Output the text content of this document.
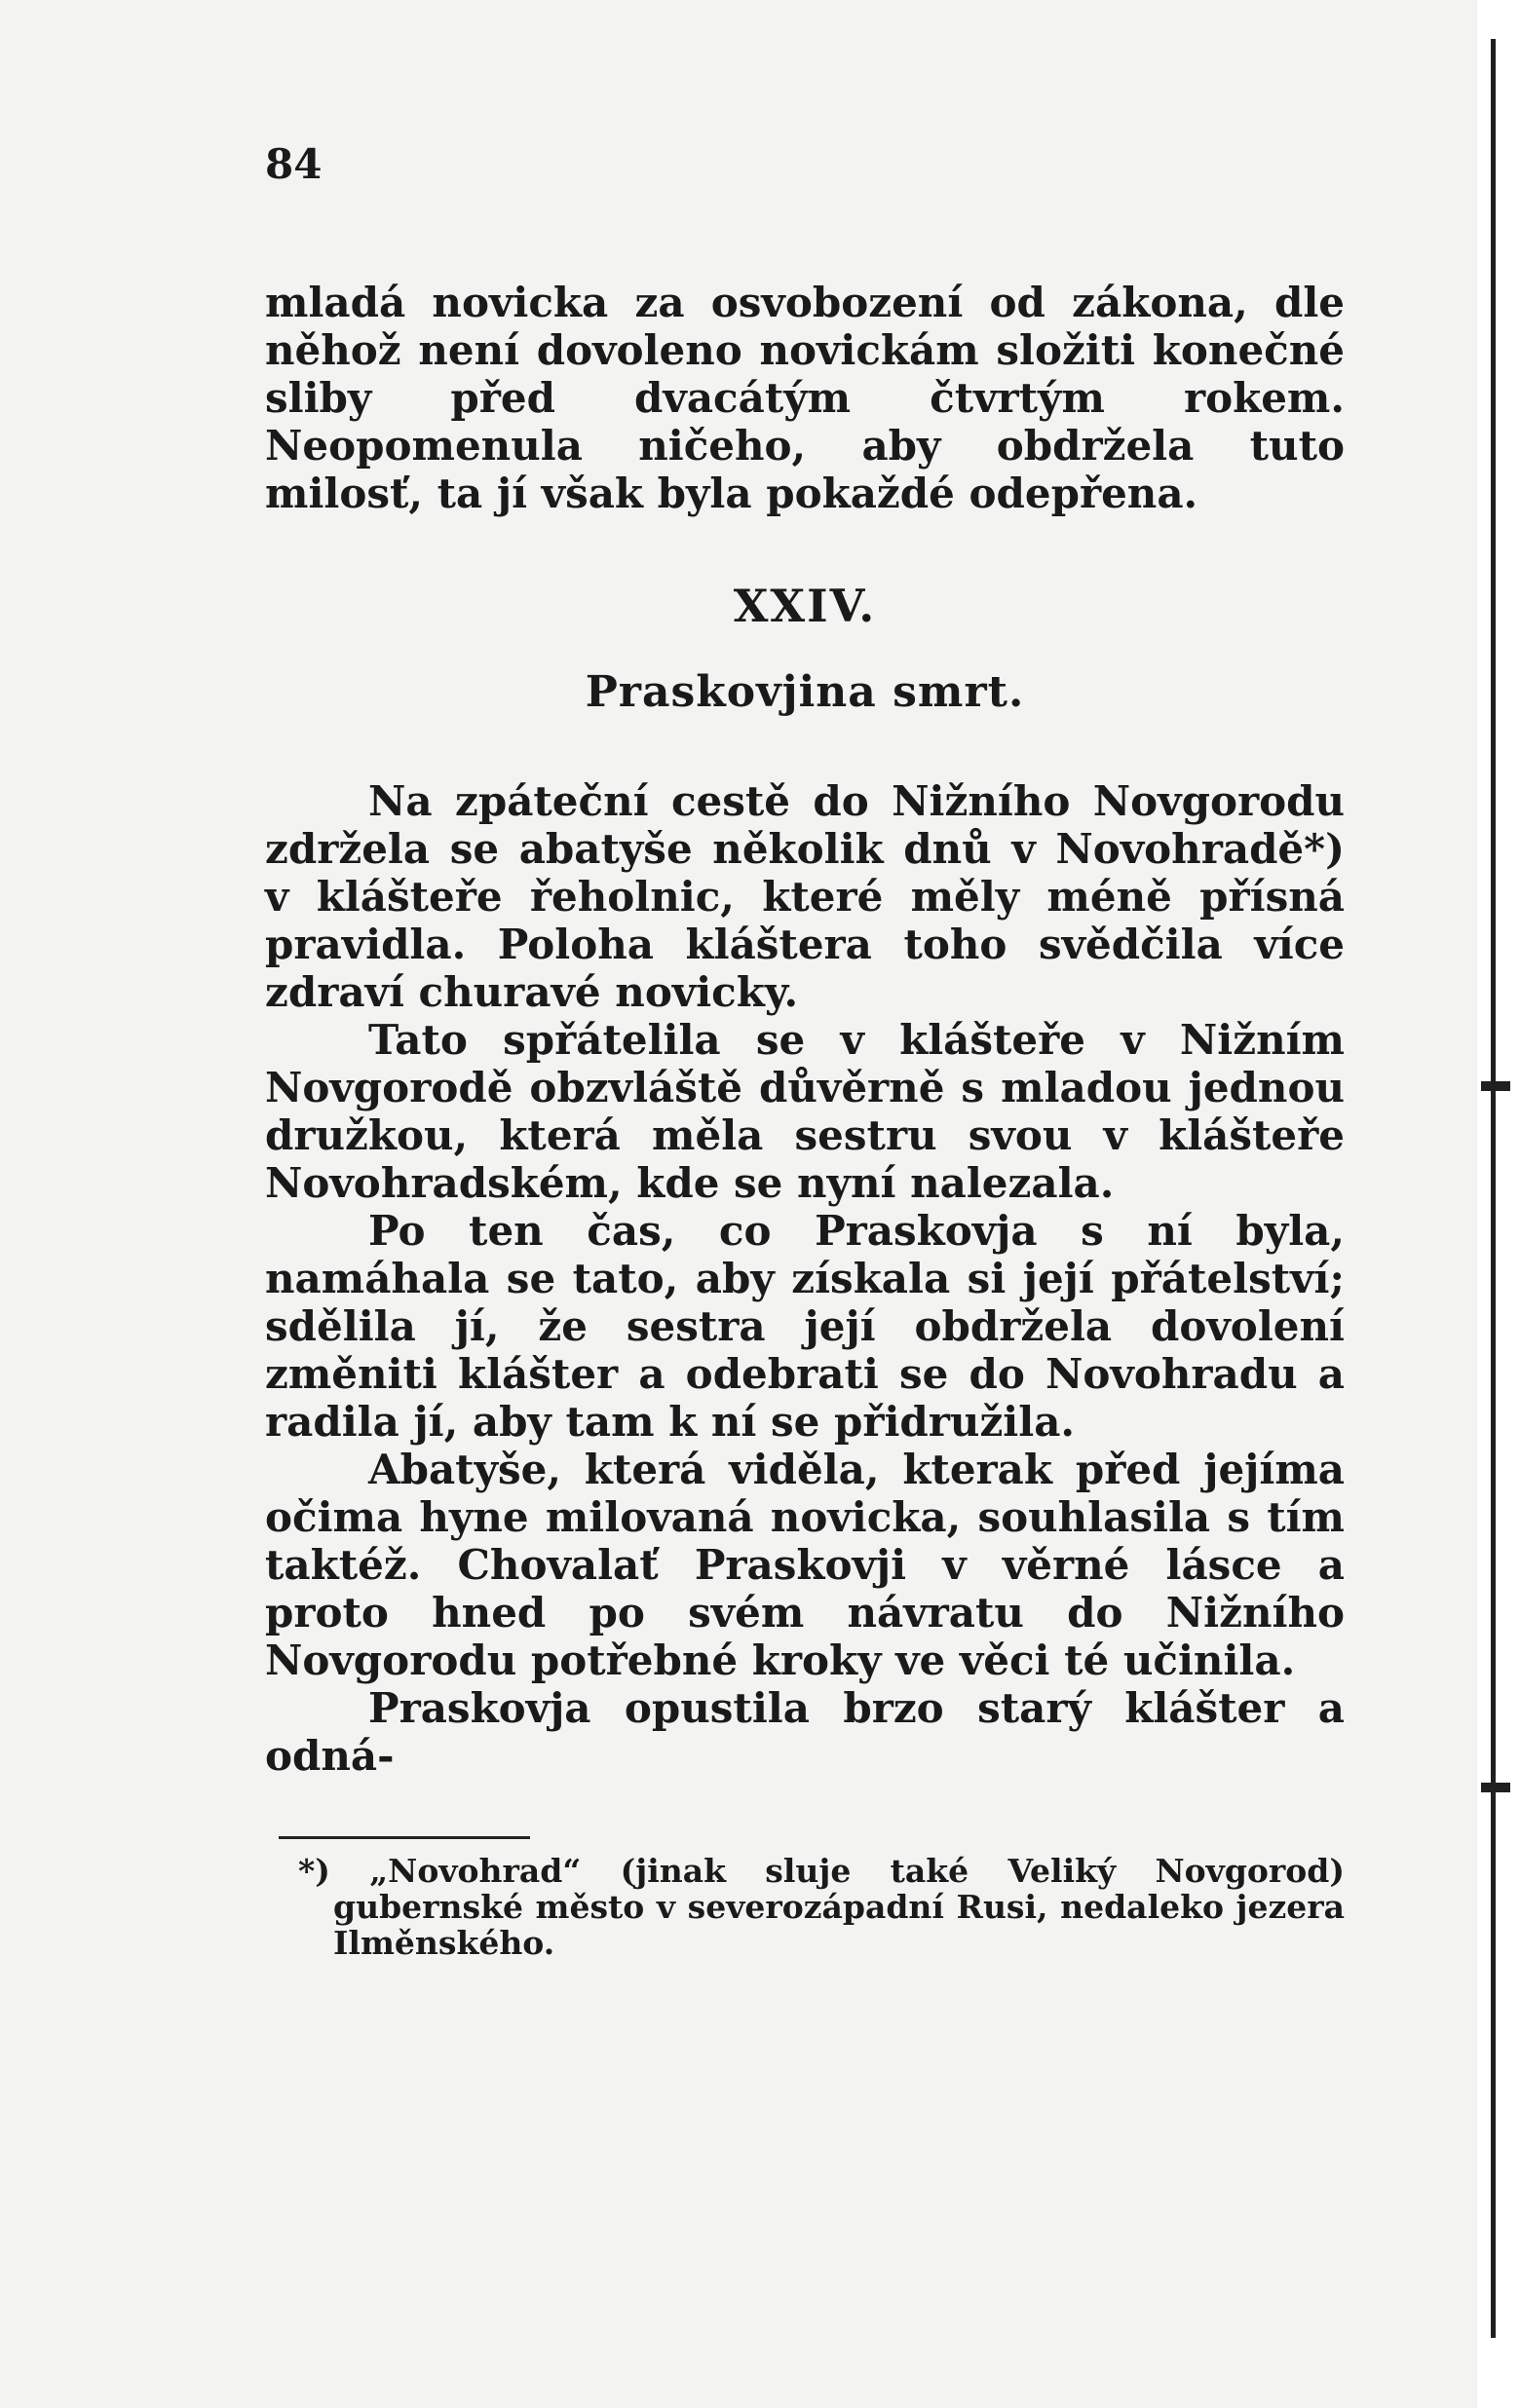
84

mladá novicka za osvobození od zákona, dle něhož není dovoleno novickám složiti konečné sliby před dvacátým čtvrtým rokem. Neopomenula ničeho, aby obdržela tuto milosť, ta jí však byla pokaždé odepřena.

XXIV.
Praskovjina smrt.

Na zpáteční cestě do Nižního Novgorodu zdržela se abatyše několik dnů v Novohradě*) v klášteře řeholnic, které měly méně přísná pravidla. Poloha kláštera toho svědčila více zdraví churavé novicky.

Tato spřátelila se v klášteře v Nižním Novgorodě obzvláště důvěrně s mladou jednou družkou, která měla sestru svou v klášteře Novohradském, kde se nyní nalezala.

Po ten čas, co Praskovja s ní byla, namáhala se tato, aby získala si její přátelství; sdělila jí, že sestra její obdržela dovolení změniti klášter a odebrati se do Novohradu a radila jí, aby tam k ní se přidružila.

Abatyše, která viděla, kterak před jejíma očima hyne milovaná novicka, souhlasila s tím taktéž. Chovalať Praskovji v věrné lásce a proto hned po svém návratu do Nižního Novgorodu potřebné kroky ve věci té učinila.

Praskovja opustila brzo starý klášter a odná-

*) „Novohrad“ (jinak sluje také Veliký Novgorod) gubernské město v severozápadní Rusi, nedaleko jezera Ilměnského.
